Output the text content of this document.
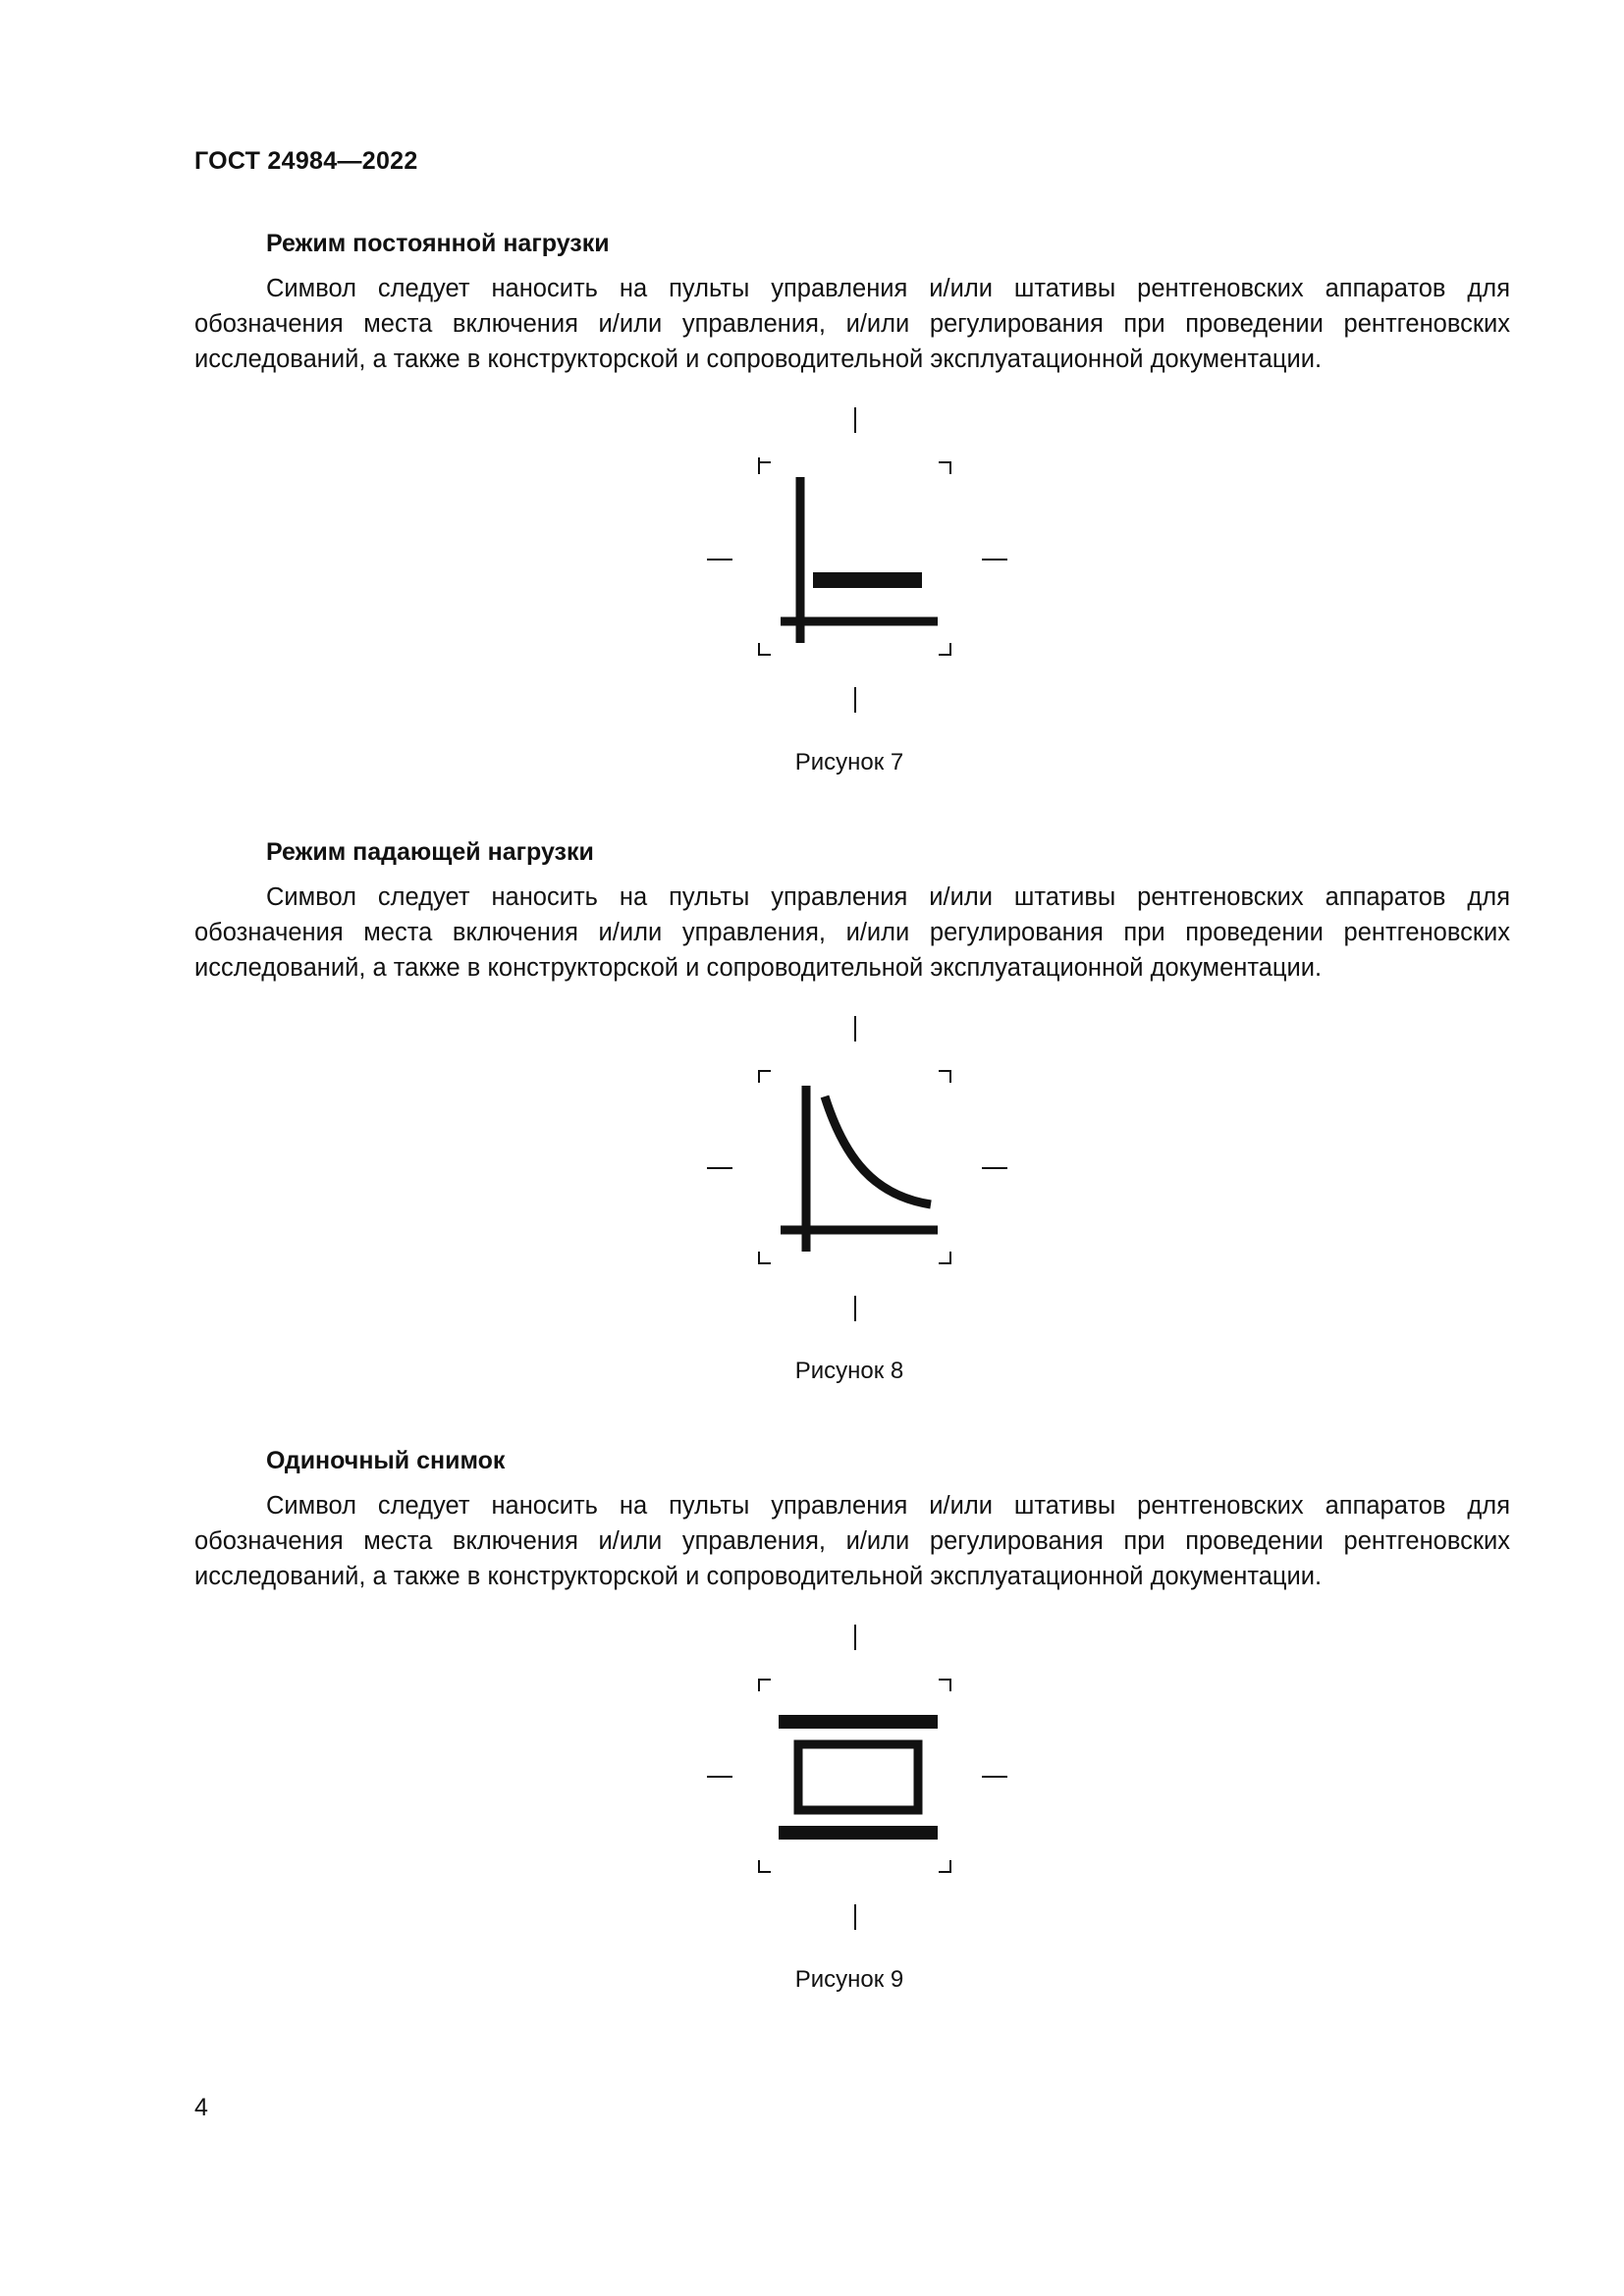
ГОСТ 24984—2022

Режим постоянной нагрузки

Символ следует наносить на пульты управления и/или штативы рентгеновских аппаратов для обозначения места включения и/или управления, и/или регулирования при проведении рентгеновских исследований, а также в конструкторской и сопроводительной эксплуатационной документации.

Рисунок 7

Режим падающей нагрузки

Символ следует наносить на пульты управления и/или штативы рентгеновских аппаратов для обозначения места включения и/или управления, и/или регулирования при проведении рентгеновских исследований, а также в конструкторской и сопроводительной эксплуатационной документации.

Рисунок 8

Одиночный снимок

Символ следует наносить на пульты управления и/или штативы рентгеновских аппаратов для обозначения места включения и/или управления, и/или регулирования при проведении рентгеновских исследований, а также в конструкторской и сопроводительной эксплуатационной документации.

Рисунок 9
4
